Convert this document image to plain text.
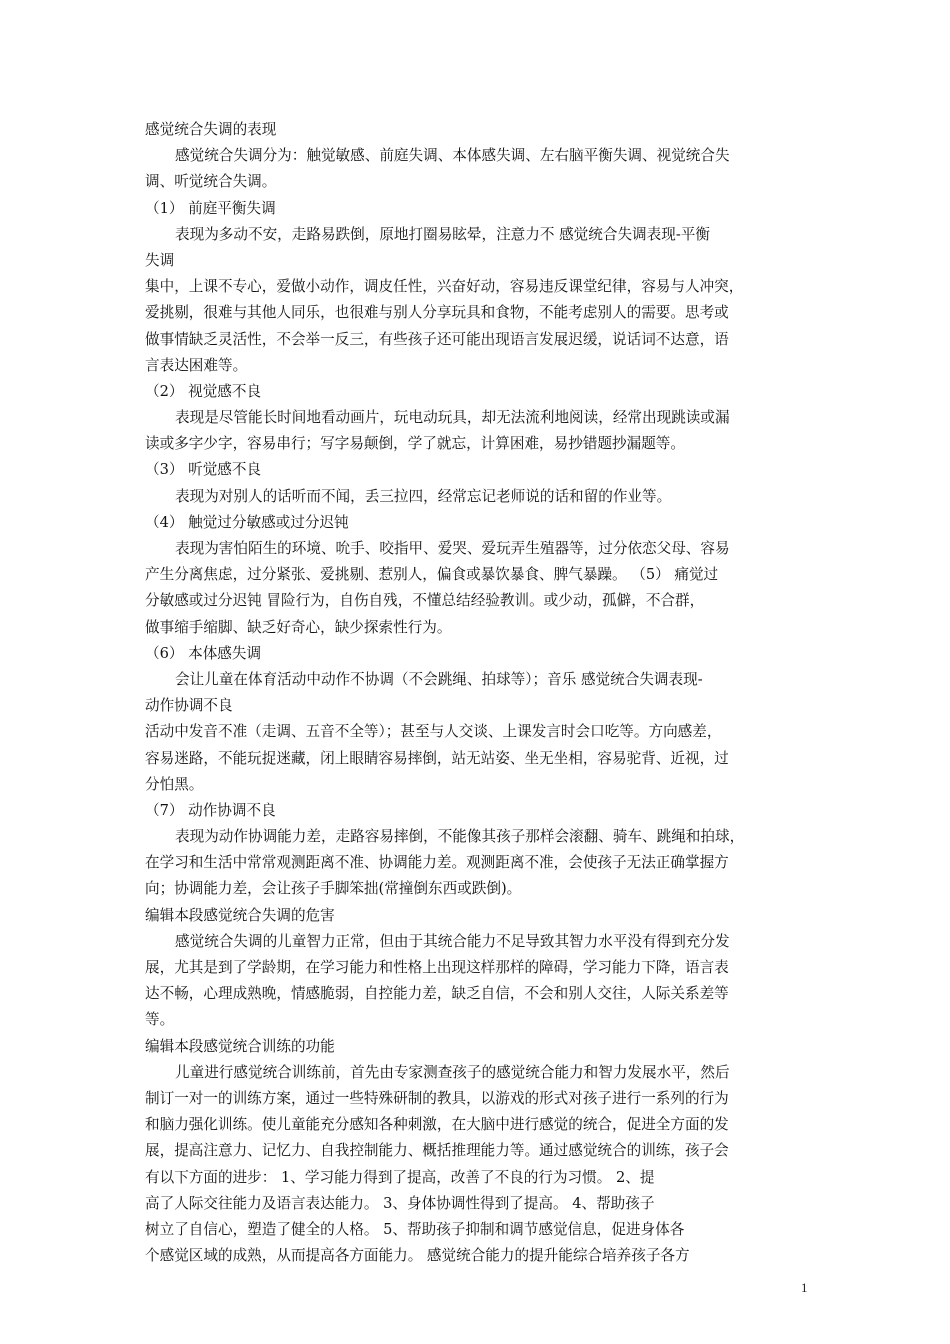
感觉统合失调的表现
感觉统合失调分为：触觉敏感、前庭失调、本体感失调、左右脑平衡失调、视觉统合失
调、听觉统合失调。
（1） 前庭平衡失调
表现为多动不安，走路易跌倒，原地打圈易眩晕，注意力不 感觉统合失调表现-平衡
失调
集中，上课不专心，爱做小动作，调皮任性，兴奋好动，容易违反课堂纪律，容易与人冲突，
爱挑剔，很难与其他人同乐，也很难与别人分享玩具和食物，不能考虑别人的需要。思考或
做事情缺乏灵活性，不会举一反三，有些孩子还可能出现语言发展迟缓，说话词不达意，语
言表达困难等。
（2） 视觉感不良
表现是尽管能长时间地看动画片，玩电动玩具，却无法流利地阅读，经常出现跳读或漏
读或多字少字，容易串行；写字易颠倒，学了就忘，计算困难，易抄错题抄漏题等。
（3） 听觉感不良
表现为对别人的话听而不闻，丢三拉四，经常忘记老师说的话和留的作业等。
（4） 触觉过分敏感或过分迟钝
表现为害怕陌生的环境、吮手、咬指甲、爱哭、爱玩弄生殖器等，过分依恋父母、容易
产生分离焦虑，过分紧张、爱挑剔、惹别人，偏食或暴饮暴食、脾气暴躁。 （5） 痛觉过
分敏感或过分迟钝 冒险行为，自伤自残，不懂总结经验教训。或少动，孤僻，不合群，
做事缩手缩脚、缺乏好奇心，缺少探索性行为。
（6） 本体感失调
会让儿童在体育活动中动作不协调（不会跳绳、拍球等）；音乐 感觉统合失调表现-
动作协调不良
活动中发音不准（走调、五音不全等）；甚至与人交谈、上课发言时会口吃等。方向感差，
容易迷路，不能玩捉迷藏，闭上眼睛容易摔倒，站无站姿、坐无坐相，容易驼背、近视，过
分怕黑。
（7） 动作协调不良
表现为动作协调能力差，走路容易摔倒，不能像其孩子那样会滚翻、骑车、跳绳和拍球，
在学习和生活中常常观测距离不准、协调能力差。观测距离不准，会使孩子无法正确掌握方
向；协调能力差，会让孩子手脚笨拙(常撞倒东西或跌倒)。
编辑本段感觉统合失调的危害
感觉统合失调的儿童智力正常，但由于其统合能力不足导致其智力水平没有得到充分发
展，尤其是到了学龄期，在学习能力和性格上出现这样那样的障碍，学习能力下降，语言表
达不畅，心理成熟晚，情感脆弱，自控能力差，缺乏自信，不会和别人交往，人际关系差等
等。
编辑本段感觉统合训练的功能
儿童进行感觉统合训练前，首先由专家测查孩子的感觉统合能力和智力发展水平，然后
制订一对一的训练方案，通过一些特殊研制的教具，以游戏的形式对孩子进行一系列的行为
和脑力强化训练。使儿童能充分感知各种刺激，在大脑中进行感觉的统合，促进全方面的发
展，提高注意力、记忆力、自我控制能力、概括推理能力等。通过感觉统合的训练，孩子会
有以下方面的进步： 1、学习能力得到了提高，改善了不良的行为习惯。 2、提
高了人际交往能力及语言表达能力。 3、身体协调性得到了提高。 4、帮助孩子
树立了自信心，塑造了健全的人格。 5、帮助孩子抑制和调节感觉信息，促进身体各
个感觉区域的成熟，从而提高各方面能力。 感觉统合能力的提升能综合培养孩子各方
1
